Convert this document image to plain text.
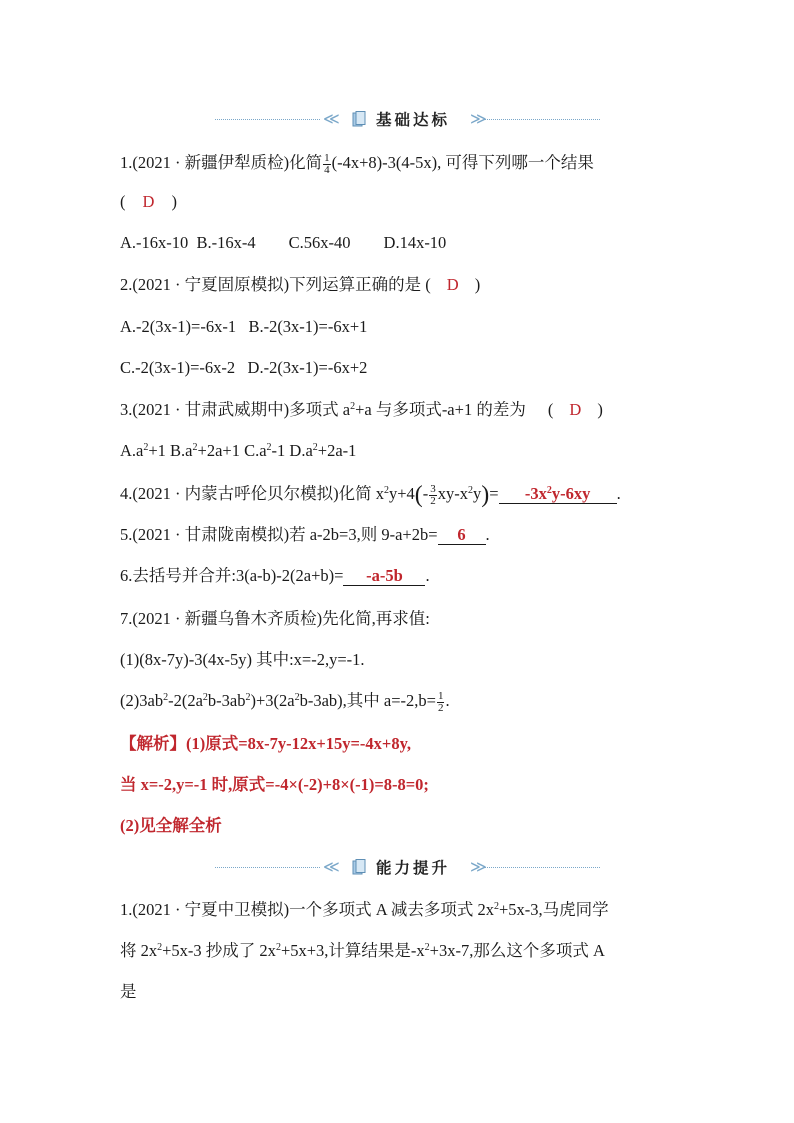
≪ 基础达标 ≫
1.(2021 · 新疆伊犁质检)化简 $\frac{1}{4} (-4x+8)-3(4-5x)$, 可得下列哪一个结果
( D )
A.-16x-10  B.-16x-4        C.56x-40        D.14x-10
2.(2021 · 宁夏固原模拟)下列运算正确的是 ( D )
A.-2(3x-1)=-6x-1   B.-2(3x-1)=-6x+1
C.-2(3x-1)=-6x-2   D.-2(3x-1)=-6x+2
3.(2021 · 甘肃武威期中)多项式 $a^2+a$ 与多项式-a+1 的差为 ( D )
$A.a^2+1$ $B.a^2+2a+1$ $C.a^2-1$ $D.a^2+2a-1$
4.(2021 · 内蒙古呼伦贝尔模拟)化简 $x^2y+4(- \frac{3}{2} xy-x^2y)= -3x^2y-6xy$ .
5.(2021 · 甘肃陇南模拟)若 a-2b=3,则 9-a+2b= 6 .
6.去括号并合并:3(a-b)-2(2a+b)= -a-5b .
7.(2021 · 新疆乌鲁木齐质检)先化简,再求值:
(1)(8x-7y)-3(4x-5y) 其中:x=-2,y=-1.
$(2)3ab^2-2(2a^2b-3ab^2)+3(2a^2b-3ab)$,其中 $a=-2,b= \frac{1}{2}$ .
【解析】(1)原式=8x-7y-12x+15y=-4x+8y,
当 x=-2,y=-1 时,原式=-4×(-2)+8×(-1)=8-8=0;
(2)见全解全析
≪ 能力提升 ≫
1.(2021 · 宁夏中卫模拟)一个多项式 A 减去多项式 $2x^2+5x-3$,马虎同学
将 $2x^2+5x-3$ 抄成了 $2x^2+5x+3$,计算结果是$-x^2+3x-7$,那么这个多项式 A
是
